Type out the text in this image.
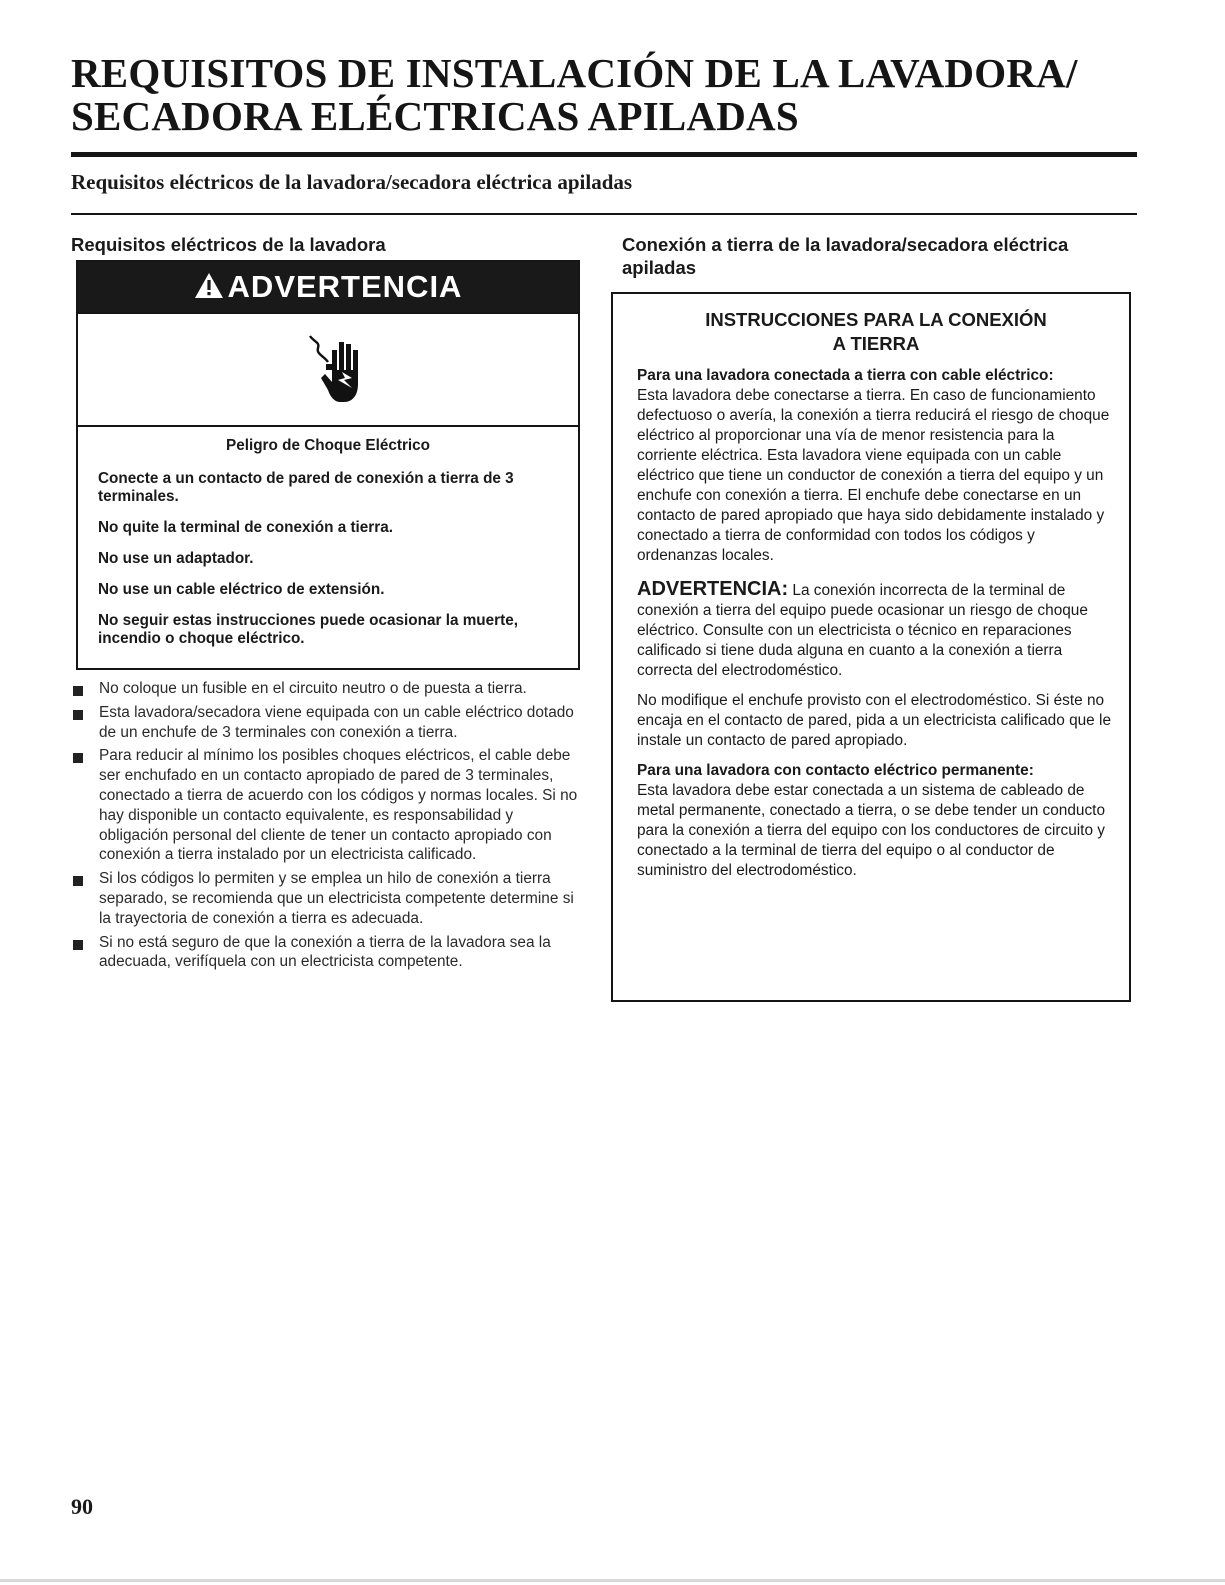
REQUISITOS DE INSTALACIÓN DE LA LAVADORA/
SECADORA ELÉCTRICAS APILADAS
Requisitos eléctricos de la lavadora/secadora eléctrica apiladas
Requisitos eléctricos de la lavadora
ADVERTENCIA

Peligro de Choque Eléctrico

Conecte a un contacto de pared de conexión a tierra de 3 terminales.

No quite la terminal de conexión a tierra.

No use un adaptador.

No use un cable eléctrico de extensión.

No seguir estas instrucciones puede ocasionar la muerte, incendio o choque eléctrico.

No coloque un fusible en el circuito neutro o de puesta a tierra.
Esta lavadora/secadora viene equipada con un cable eléctrico dotado de un enchufe de 3 terminales con conexión a tierra.
Para reducir al mínimo los posibles choques eléctricos, el cable debe ser enchufado en un contacto apropiado de pared de 3 terminales, conectado a tierra de acuerdo con los códigos y normas locales. Si no hay disponible un contacto equivalente, es responsabilidad y obligación personal del cliente de tener un contacto apropiado con conexión a tierra instalado por un electricista calificado.
Si los códigos lo permiten y se emplea un hilo de conexión a tierra separado, se recomienda que un electricista competente determine si la trayectoria de conexión a tierra es adecuada.
Si no está seguro de que la conexión a tierra de la lavadora sea la adecuada, verifíquela con un electricista competente.
Conexión a tierra de la lavadora/secadora eléctrica apiladas
INSTRUCCIONES PARA LA CONEXIÓN
A TIERRA

Para una lavadora conectada a tierra con cable eléctrico:
Esta lavadora debe conectarse a tierra. En caso de funcionamiento defectuoso o avería, la conexión a tierra reducirá el riesgo de choque eléctrico al proporcionar una vía de menor resistencia para la corriente eléctrica. Esta lavadora viene equipada con un cable eléctrico que tiene un conductor de conexión a tierra del equipo y un enchufe con conexión a tierra. El enchufe debe conectarse en un contacto de pared apropiado que haya sido debidamente instalado y conectado a tierra de conformidad con todos los códigos y ordenanzas locales.

ADVERTENCIA: La conexión incorrecta de la terminal de conexión a tierra del equipo puede ocasionar un riesgo de choque eléctrico. Consulte con un electricista o técnico en reparaciones calificado si tiene duda alguna en cuanto a la conexión a tierra correcta del electrodoméstico.

No modifique el enchufe provisto con el electrodoméstico. Si éste no encaja en el contacto de pared, pida a un electricista calificado que le instale un contacto de pared apropiado.

Para una lavadora con contacto eléctrico permanente:
Esta lavadora debe estar conectada a un sistema de cableado de metal permanente, conectado a tierra, o se debe tender un conducto para la conexión a tierra del equipo con los conductores de circuito y conectado a la terminal de tierra del equipo o al conductor de suministro del electrodoméstico.

90
